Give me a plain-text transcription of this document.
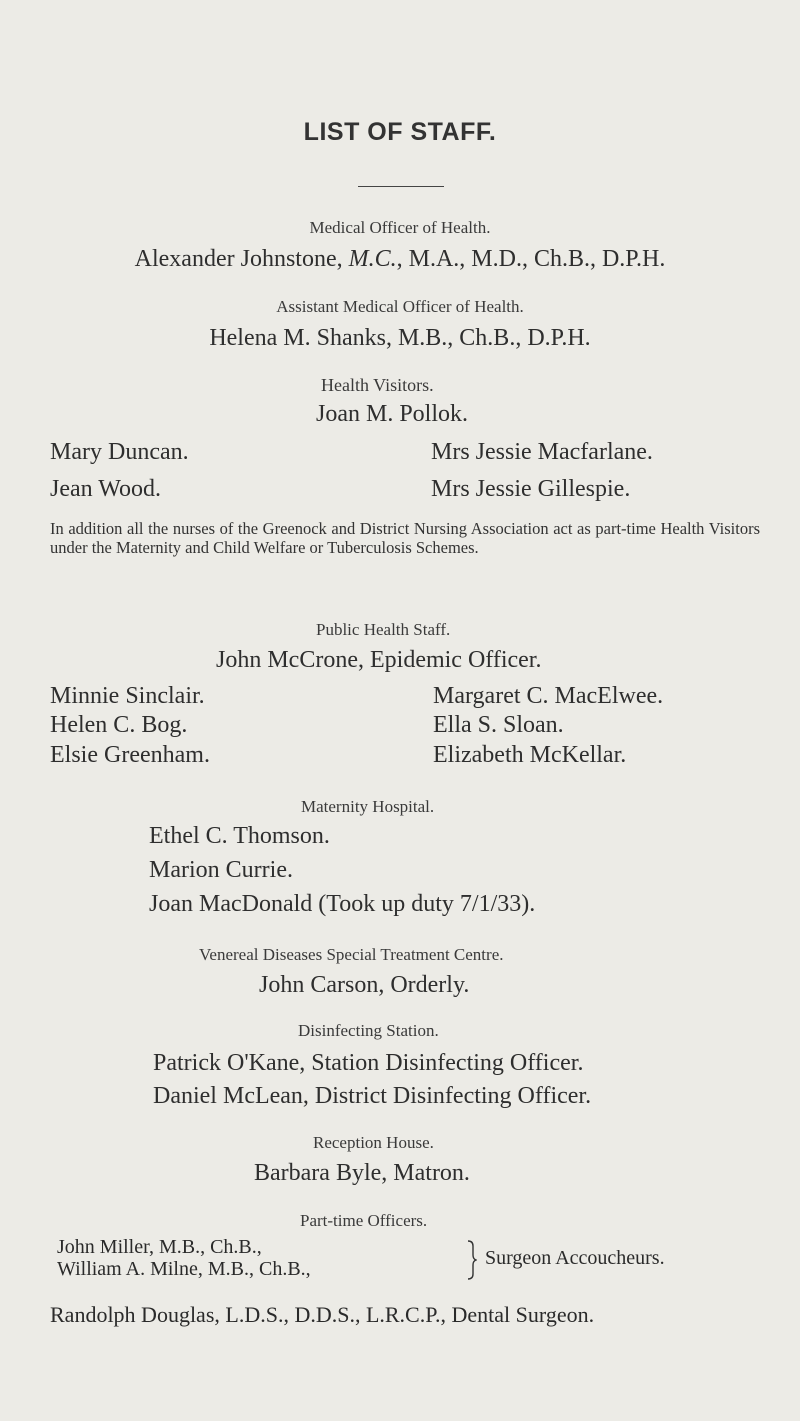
LIST OF STAFF.
Medical Officer of Health.
Alexander Johnstone, M.C., M.A., M.D., Ch.B., D.P.H.
Assistant Medical Officer of Health.
Helena M. Shanks, M.B., Ch.B., D.P.H.
Health Visitors.
Joan M. Pollok.
Mary Duncan.
Jean Wood.
Mrs Jessie Macfarlane.
Mrs Jessie Gillespie.
In addition all the nurses of the Greenock and District Nursing Association act as part-time Health Visitors under the Maternity and Child Welfare or Tuberculosis Schemes.
Public Health Staff.
John McCrone, Epidemic Officer.
Minnie Sinclair.
Helen C. Bog.
Elsie Greenham.
Margaret C. MacElwee.
Ella S. Sloan.
Elizabeth McKellar.
Maternity Hospital.
Ethel C. Thomson.
Marion Currie.
Joan MacDonald (Took up duty 7/1/33).
Venereal Diseases Special Treatment Centre.
John Carson, Orderly.
Disinfecting Station.
Patrick O'Kane, Station Disinfecting Officer.
Daniel McLean, District Disinfecting Officer.
Reception House.
Barbara Byle, Matron.
Part-time Officers.
John Miller, M.B., Ch.B.,
William A. Milne, M.B., Ch.B.,	Surgeon Accoucheurs.
Randolph Douglas, L.D.S., D.D.S., L.R.C.P., Dental Surgeon.
